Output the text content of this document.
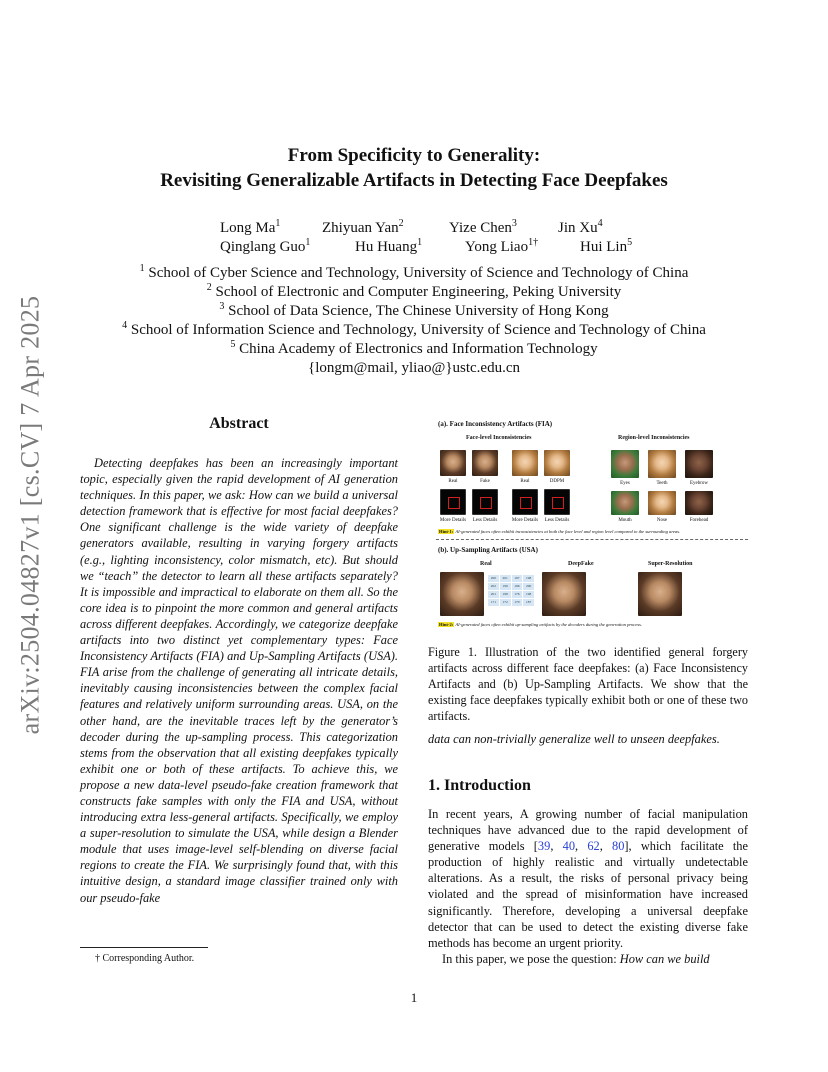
arXiv:2504.04827v1 [cs.CV] 7 Apr 2025
From Specificity to Generality:
Revisiting Generalizable Artifacts in Detecting Face Deepfakes
Long Ma$^1$	Zhiyuan Yan$^2$	Yize Chen$^3$	Jin Xu$^4$
Qinglang Guo$^1$	Hu Huang$^1$	Yong Liao$^{1\dagger}$	Hui Lin$^5$
$^1$ School of Cyber Science and Technology, University of Science and Technology of China
$^2$ School of Electronic and Computer Engineering, Peking University
$^3$ School of Data Science, The Chinese University of Hong Kong
$^4$ School of Information Science and Technology, University of Science and Technology of China
$^5$ China Academy of Electronics and Information Technology
{longm@mail, yliao@}ustc.edu.cn
Abstract
Detecting deepfakes has been an increasingly important topic, especially given the rapid development of AI generation techniques. In this paper, we ask: How can we build a universal detection framework that is effective for most facial deepfakes? One significant challenge is the wide variety of deepfake generators available, resulting in varying forgery artifacts (e.g., lighting inconsistency, color mismatch, etc). But should we “teach” the detector to learn all these artifacts separately? It is impossible and impractical to elaborate on them all. So the core idea is to pinpoint the more common and general artifacts across different deepfakes. Accordingly, we categorize deepfake artifacts into two distinct yet complementary types: Face Inconsistency Artifacts (FIA) and Up-Sampling Artifacts (USA). FIA arise from the challenge of generating all intricate details, inevitably causing inconsistencies between the complex facial features and relatively uniform surrounding areas. USA, on the other hand, are the inevitable traces left by the generator’s decoder during the up-sampling process. This categorization stems from the observation that all existing deepfakes typically exhibit one or both of these artifacts. To achieve this, we propose a new data-level pseudo-fake creation framework that constructs fake samples with only the FIA and USA, without introducing extra less-general artifacts. Specifically, we employ a super-resolution to simulate the USA, while design a Blender module that uses image-level self-blending on diverse facial regions to create the FIA. We surprisingly found that, with this intuitive design, a standard image classifier trained only with our pseudo-fake
† Corresponding Author.
(a). Face Inconsistency Artifacts (FIA)
Face-level Inconsistencies	Region-level Inconsistencies
Real	Fake	Real	DDPM	Eyes	Teeth	Eyebrow
More Details	Less Details	More Details	Less Details	Mouth	Nose	Forehead
Hint-1: AI-generated faces often exhibit inconsistencies at both the face level and region level compared to the surrounding areas.
(b). Up-Sampling Artifacts (USA)
Real	DeepFake	Super-Resolution
200	201	197	198
202	199	196	200
201	198	176	198
171	172	170	187
Hint-2: AI-generated faces often exhibit up-sampling artifacts by the decoders during the generation process.
Figure 1. Illustration of the two identified general forgery artifacts across different face deepfakes: (a) Face Inconsistency Artifacts and (b) Up-Sampling Artifacts. We show that the existing face deepfakes typically exhibit both or one of these two artifacts.
data can non-trivially generalize well to unseen deepfakes.
1. Introduction

In recent years, A growing number of facial manipulation techniques have advanced due to the rapid development of generative models [39, 40, 62, 80], which facilitate the production of highly realistic and virtually undetectable alterations. As a result, the risks of personal privacy being violated and the spread of misinformation have increased significantly. Therefore, developing a universal deepfake detector that can be used to detect the existing diverse fake methods has become an urgent priority.

In this paper, we pose the question: How can we build

1
